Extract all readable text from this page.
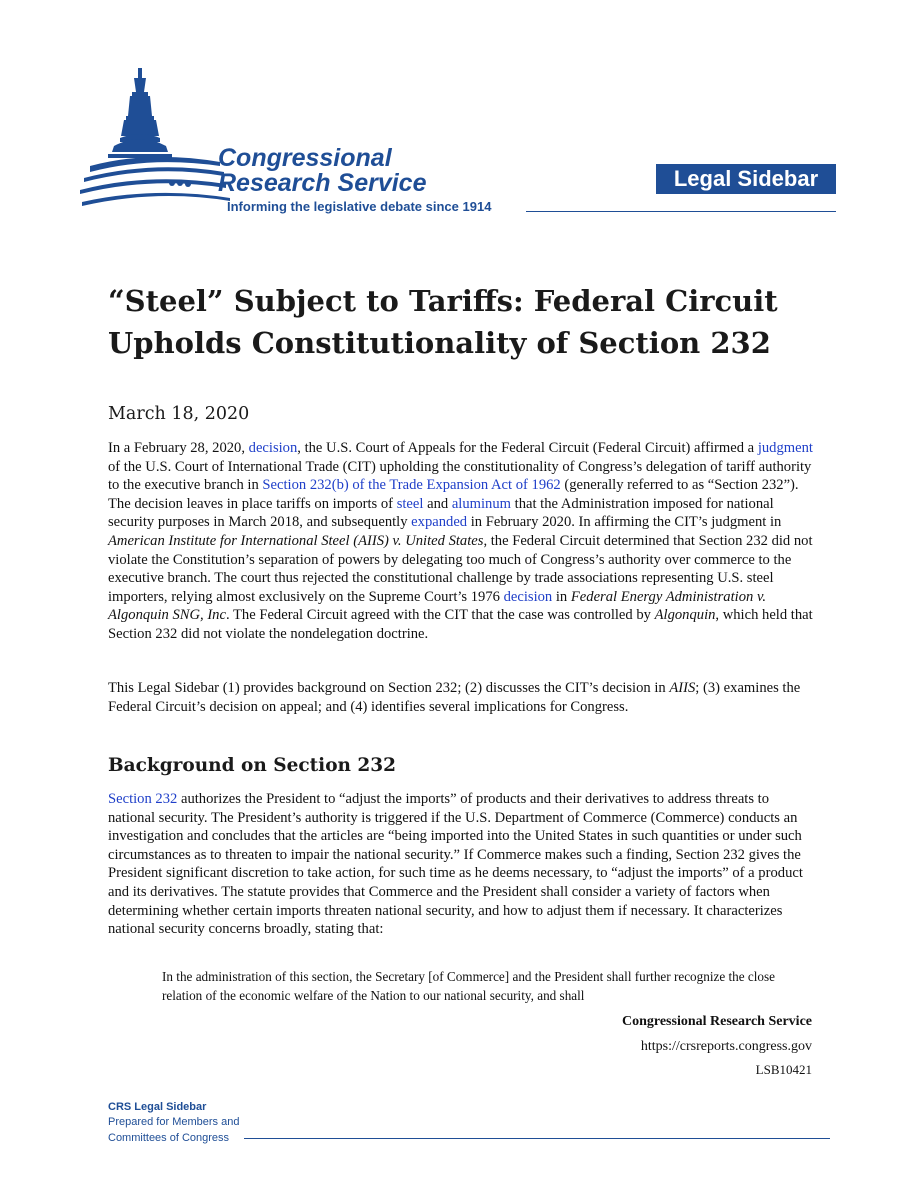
Congressional
Research Service
Informing the legislative debate since 1914
Legal Sidebar
“Steel” Subject to Tariffs: Federal Circuit
Upholds Constitutionality of Section 232
March 18, 2020
In a February 28, 2020, decision, the U.S. Court of Appeals for the Federal Circuit (Federal Circuit) affirmed a judgment of the U.S. Court of International Trade (CIT) upholding the constitutionality of Congress’s delegation of tariff authority to the executive branch in Section 232(b) of the Trade Expansion Act of 1962 (generally referred to as “Section 232”). The decision leaves in place tariffs on imports of steel and aluminum that the Administration imposed for national security purposes in March 2018, and subsequently expanded in February 2020. In affirming the CIT’s judgment in American Institute for International Steel (AIIS) v. United States, the Federal Circuit determined that Section 232 did not violate the Constitution’s separation of powers by delegating too much of Congress’s authority over commerce to the executive branch. The court thus rejected the constitutional challenge by trade associations representing U.S. steel importers, relying almost exclusively on the Supreme Court’s 1976 decision in Federal Energy Administration v. Algonquin SNG, Inc. The Federal Circuit agreed with the CIT that the case was controlled by Algonquin, which held that Section 232 did not violate the nondelegation doctrine.
This Legal Sidebar (1) provides background on Section 232; (2) discusses the CIT’s decision in AIIS; (3) examines the Federal Circuit’s decision on appeal; and (4) identifies several implications for Congress.
Background on Section 232
Section 232 authorizes the President to “adjust the imports” of products and their derivatives to address threats to national security. The President’s authority is triggered if the U.S. Department of Commerce (Commerce) conducts an investigation and concludes that the articles are “being imported into the United States in such quantities or under such circumstances as to threaten to impair the national security.” If Commerce makes such a finding, Section 232 gives the President significant discretion to take action, for such time as he deems necessary, to “adjust the imports” of a product and its derivatives. The statute provides that Commerce and the President shall consider a variety of factors when determining whether certain imports threaten national security, and how to adjust them if necessary. It characterizes national security concerns broadly, stating that:
In the administration of this section, the Secretary [of Commerce] and the President shall further recognize the close relation of the economic welfare of the Nation to our national security, and shall
Congressional Research Service
https://crsreports.congress.gov
LSB10421
CRS Legal Sidebar
Prepared for Members and
Committees of Congress
